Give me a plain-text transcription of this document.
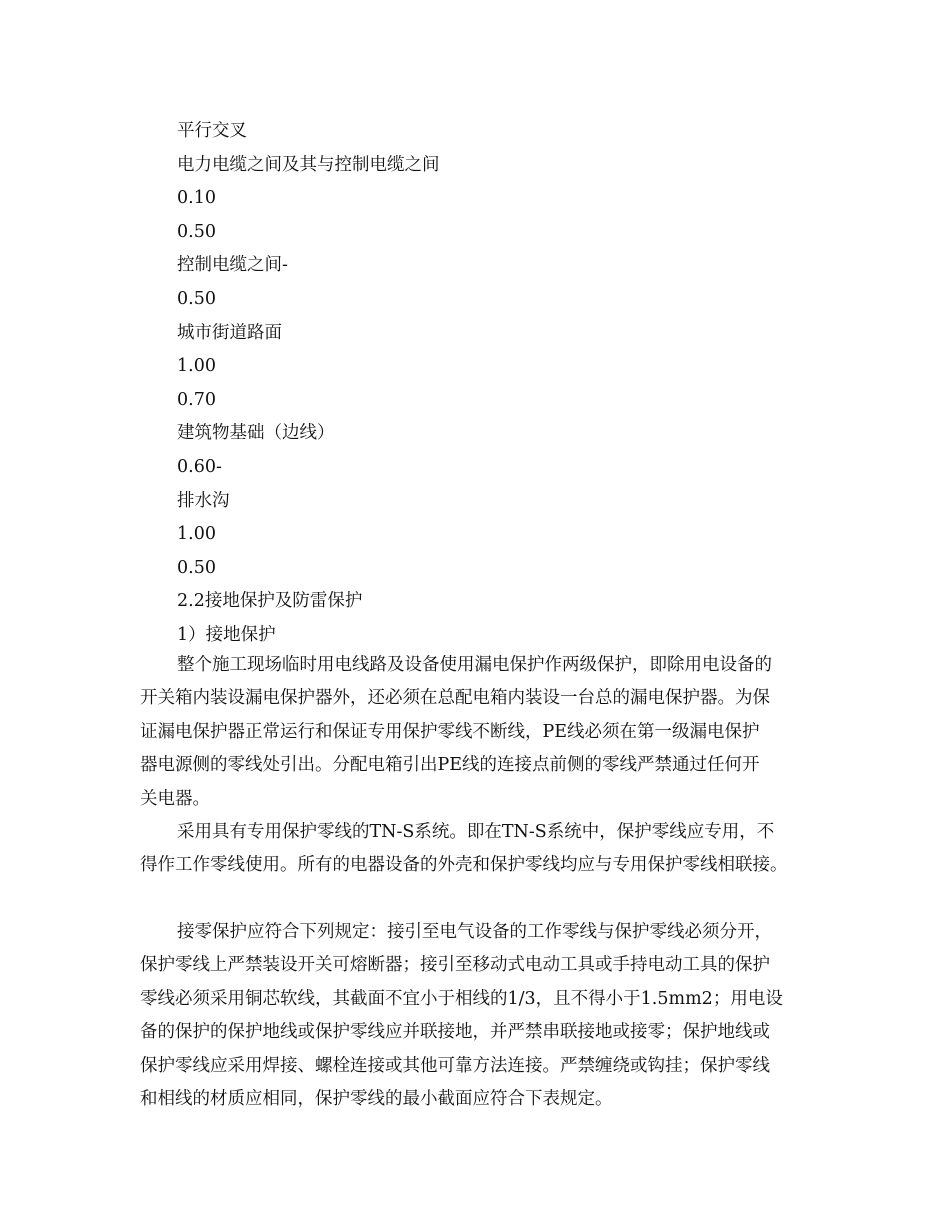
平行交叉
电力电缆之间及其与控制电缆之间
0.10
0.50
控制电缆之间-
0.50
城市街道路面
1.00
0.70
建筑物基础（边线）
0.60-
排水沟
1.00
0.50
2.2接地保护及防雷保护
1）接地保护
整个施工现场临时用电线路及设备使用漏电保护作两级保护，即除用电设备的
开关箱内装设漏电保护器外，还必须在总配电箱内装设一台总的漏电保护器。为保
证漏电保护器正常运行和保证专用保护零线不断线，PE线必须在第一级漏电保护
器电源侧的零线处引出。分配电箱引出PE线的连接点前侧的零线严禁通过任何开
关电器。
采用具有专用保护零线的TN-S系统。即在TN-S系统中，保护零线应专用，不
得作工作零线使用。所有的电器设备的外壳和保护零线均应与专用保护零线相联接。
接零保护应符合下列规定：接引至电气设备的工作零线与保护零线必须分开，
保护零线上严禁装设开关可熔断器；接引至移动式电动工具或手持电动工具的保护
零线必须采用铜芯软线，其截面不宜小于相线的1/3，且不得小于1.5mm2；用电设
备的保护的保护地线或保护零线应并联接地，并严禁串联接地或接零；保护地线或
保护零线应采用焊接、螺栓连接或其他可靠方法连接。严禁缠绕或钩挂；保护零线
和相线的材质应相同，保护零线的最小截面应符合下表规定。
